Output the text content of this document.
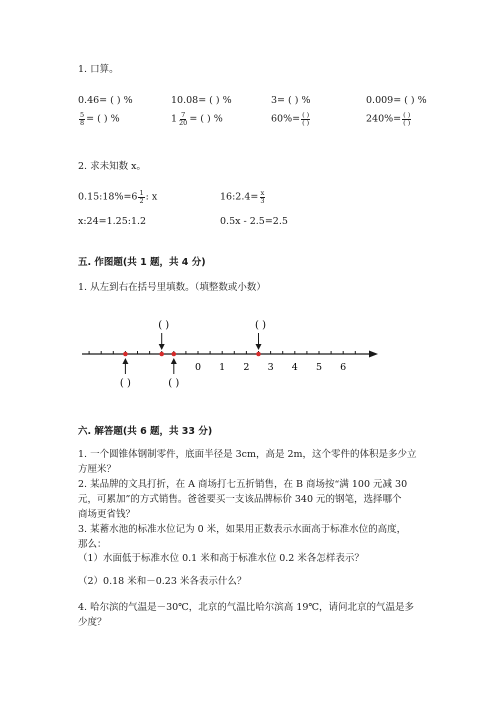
1. 口算。
0.46= ( ) %	10.08= ( ) %	3= ( ) %	0.009= ( ) %
$\frac{5}{8}$ = ( ) %	$1 \frac{7}{20}$ = ( ) %	$60\%= \frac{( )}{( )}$	$240\%= \frac{( )}{( )}$
2. 求未知数 x。
0.15:18%=6 $\frac{1}{2}$ : x	16:2.4= $\frac{x}{3}$
x:24=1.25:1.2	0.5x - 2.5=2.5
五. 作图题(共 1 题，共 4 分)
1. 从左到右在括号里填数。（填整数或小数）
0 1 2 3 4 5 6
( )	( )
( )	( )
六. 解答题(共 6 题，共 33 分)
1. 一个圆锥体钢制零件，底面半径是 3cm，高是 2m，这个零件的体积是多少立
方厘米？
2. 某品牌的文具打折，在 A 商场打七五折销售，在 B 商场按“满 100 元减 30
元，可累加”的方式销售。爸爸要买一支该品牌标价 340 元的钢笔，选择哪个
商场更省钱？
3. 某蓄水池的标准水位记为 0 米，如果用正数表示水面高于标准水位的高度，
那么：
（1）水面低于标准水位 0.1 米和高于标准水位 0.2 米各怎样表示？
（2）0.18 米和－0.23 米各表示什么？
4. 哈尔滨的气温是－30℃，北京的气温比哈尔滨高 19℃，请问北京的气温是多
少度？
